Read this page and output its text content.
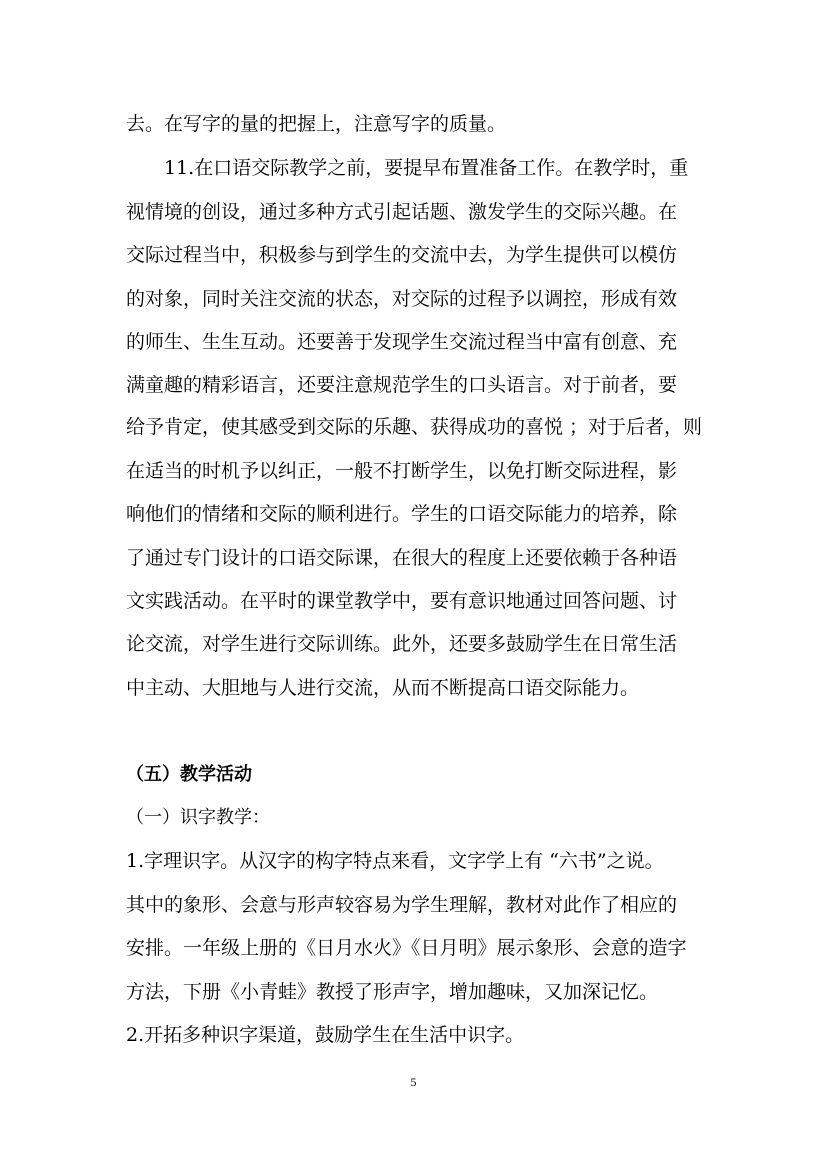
去。在写字的量的把握上，注意写字的质量。

11.在口语交际教学之前，要提早布置准备工作。在教学时，重

视情境的创设，通过多种方式引起话题、激发学生的交际兴趣。在

交际过程当中，积极参与到学生的交流中去，为学生提供可以模仿

的对象，同时关注交流的状态，对交际的过程予以调控，形成有效

的师生、生生互动。还要善于发现学生交流过程当中富有创意、充

满童趣的精彩语言，还要注意规范学生的口头语言。对于前者，要

给予肯定，使其感受到交际的乐趣、获得成功的喜悦 ；对于后者，则

在适当的时机予以纠正，一般不打断学生，以免打断交际进程，影

响他们的情绪和交际的顺利进行。学生的口语交际能力的培养，除

了通过专门设计的口语交际课，在很大的程度上还要依赖于各种语

文实践活动。在平时的课堂教学中，要有意识地通过回答问题、讨

论交流，对学生进行交际训练。此外，还要多鼓励学生在日常生活

中主动、大胆地与人进行交流，从而不断提高口语交际能力。

（五）教学活动

（一）识字教学：

1.字理识字。从汉字的构字特点来看，文字学上有 “六书”之说。

其中的象形、会意与形声较容易为学生理解，教材对此作了相应的

安排。一年级上册的《日月水火》《日月明》展示象形、会意的造字

方法，下册《小青蛙》教授了形声字，增加趣味，又加深记忆。

2.开拓多种识字渠道，鼓励学生在生活中识字。

5
